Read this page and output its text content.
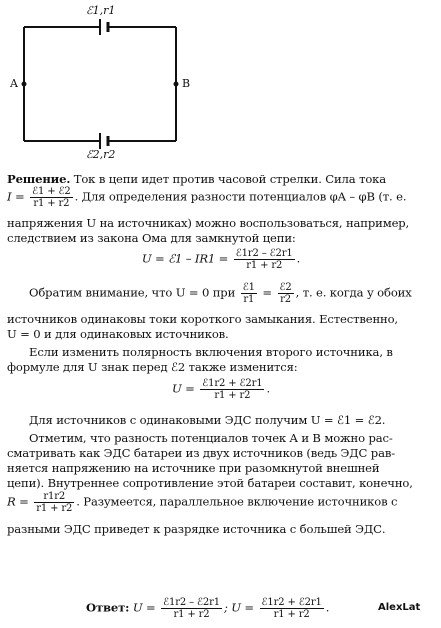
ℰ1,r1
ℰ2,r2
A	B
Решение. Ток в цепи идет против часовой стрелки. Сила тока
$I = \frac{\text{ℰ1 + ℰ2}}{r1 + r2}$ . Для определения разности потенциалов φA – φB (т. е.
напряжения U на источниках) можно воспользоваться, например,
следствием из закона Ома для замкнутой цепи:
U = ℰ1 – $IR1 = \frac{\text{ℰ1r2 – ℰ2r1}}{r1 + r2}$ .
Обратим внимание, что U = 0 при $\frac{\text{ℰ1}}{r1} = \frac{\text{ℰ2}}{r2}$ , т. е. когда у обоих
источников одинаковы токи короткого замыкания. Естественно,
U = 0 и для одинаковых источников.
Если изменить полярность включения второго источника, в
формуле для U знак перед ℰ2 также изменится:
$U = \frac{\text{ℰ1r2 + ℰ2r1}}{r1 + r2}$ .
Для источников с одинаковыми ЭДС получим U = ℰ1 = ℰ2.
Отметим, что разность потенциалов точек A и B можно рас-
сматривать как ЭДС батареи из двух источников (ведь ЭДС рав-
няется напряжению на источнике при разомкнутой внешней
цепи). Внутреннее сопротивление этой батареи составит, конечно,
$R = \frac{r1r2}{r1 + r2}$ . Разумеется, параллельное включение источников с
разными ЭДС приведет к разрядке источника с большей ЭДС.
Ответ: $U = \frac{\text{ℰ1r2 – ℰ2r1}}{r1 + r2}$ ; $U = \frac{\text{ℰ1r2 + ℰ2r1}}{r1 + r2}$ .	AlexLat
